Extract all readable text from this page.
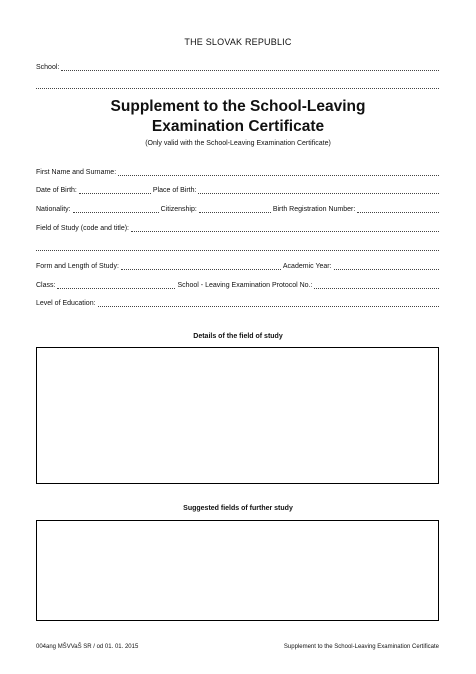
THE SLOVAK REPUBLIC
School:
Supplement to the School-Leaving
Examination Certificate
(Only valid with the School-Leaving Examination Certificate)
First Name and Surname:
Date of Birth:	Place of Birth:
Nationality:	Citizenship:	Birth Registration Number:
Field of Study (code and title):
Form and Length of Study:	Academic Year:
Class:	School - Leaving Examination Protocol No.:
Level of Education:
Details of the field of study
Suggested fields of further study
004ang MŠVVaŠ SR / od 01. 01. 2015	Supplement to the School-Leaving Examination Certificate
